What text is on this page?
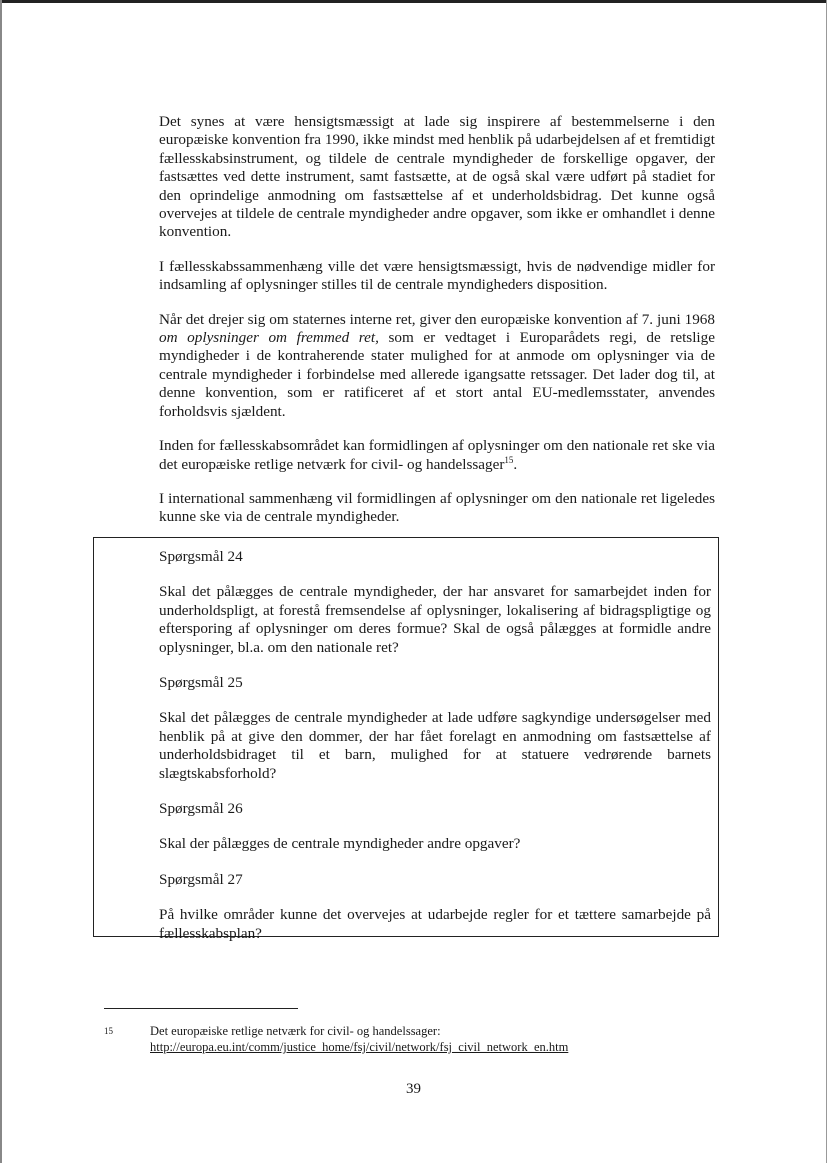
Det synes at være hensigtsmæssigt at lade sig inspirere af bestemmelserne i den europæiske konvention fra 1990, ikke mindst med henblik på udarbejdelsen af et fremtidigt fællesskabsinstrument, og tildele de centrale myndigheder de forskellige opgaver, der fastsættes ved dette instrument, samt fastsætte, at de også skal være udført på stadiet for den oprindelige anmodning om fastsættelse af et underholdsbidrag. Det kunne også overvejes at tildele de centrale myndigheder andre opgaver, som ikke er omhandlet i denne konvention.

I fællesskabssammenhæng ville det være hensigtsmæssigt, hvis de nødvendige midler for indsamling af oplysninger stilles til de centrale myndigheders disposition.

Når det drejer sig om staternes interne ret, giver den europæiske konvention af 7. juni 1968 om oplysninger om fremmed ret, som er vedtaget i Europarådets regi, de retslige myndigheder i de kontraherende stater mulighed for at anmode om oplysninger via de centrale myndigheder i forbindelse med allerede igangsatte retssager. Det lader dog til, at denne konvention, som er ratificeret af et stort antal EU-medlemsstater, anvendes forholdsvis sjældent.

Inden for fællesskabsområdet kan formidlingen af oplysninger om den nationale ret ske via det europæiske retlige netværk for civil- og handelssager$^{15}$.

I international sammenhæng vil formidlingen af oplysninger om den nationale ret ligeledes kunne ske via de centrale myndigheder.

Spørgsmål 24

Skal det pålægges de centrale myndigheder, der har ansvaret for samarbejdet inden for underholdspligt, at forestå fremsendelse af oplysninger, lokalisering af bidragspligtige og eftersporing af oplysninger om deres formue? Skal de også pålægges at formidle andre oplysninger, bl.a. om den nationale ret?

Spørgsmål 25

Skal det pålægges de centrale myndigheder at lade udføre sagkyndige undersøgelser med henblik på at give den dommer, der har fået forelagt en anmodning om fastsættelse af underholdsbidraget til et barn, mulighed for at statuere vedrørende barnets slægtskabsforhold?

Spørgsmål 26

Skal der pålægges de centrale myndigheder andre opgaver?

Spørgsmål 27

På hvilke områder kunne det overvejes at udarbejde regler for et tættere samarbejde på fællesskabsplan?

15	Det europæiske retlige netværk for civil- og handelssager:
http://europa.eu.int/comm/justice_home/fsj/civil/network/fsj_civil_network_en.htm
39
